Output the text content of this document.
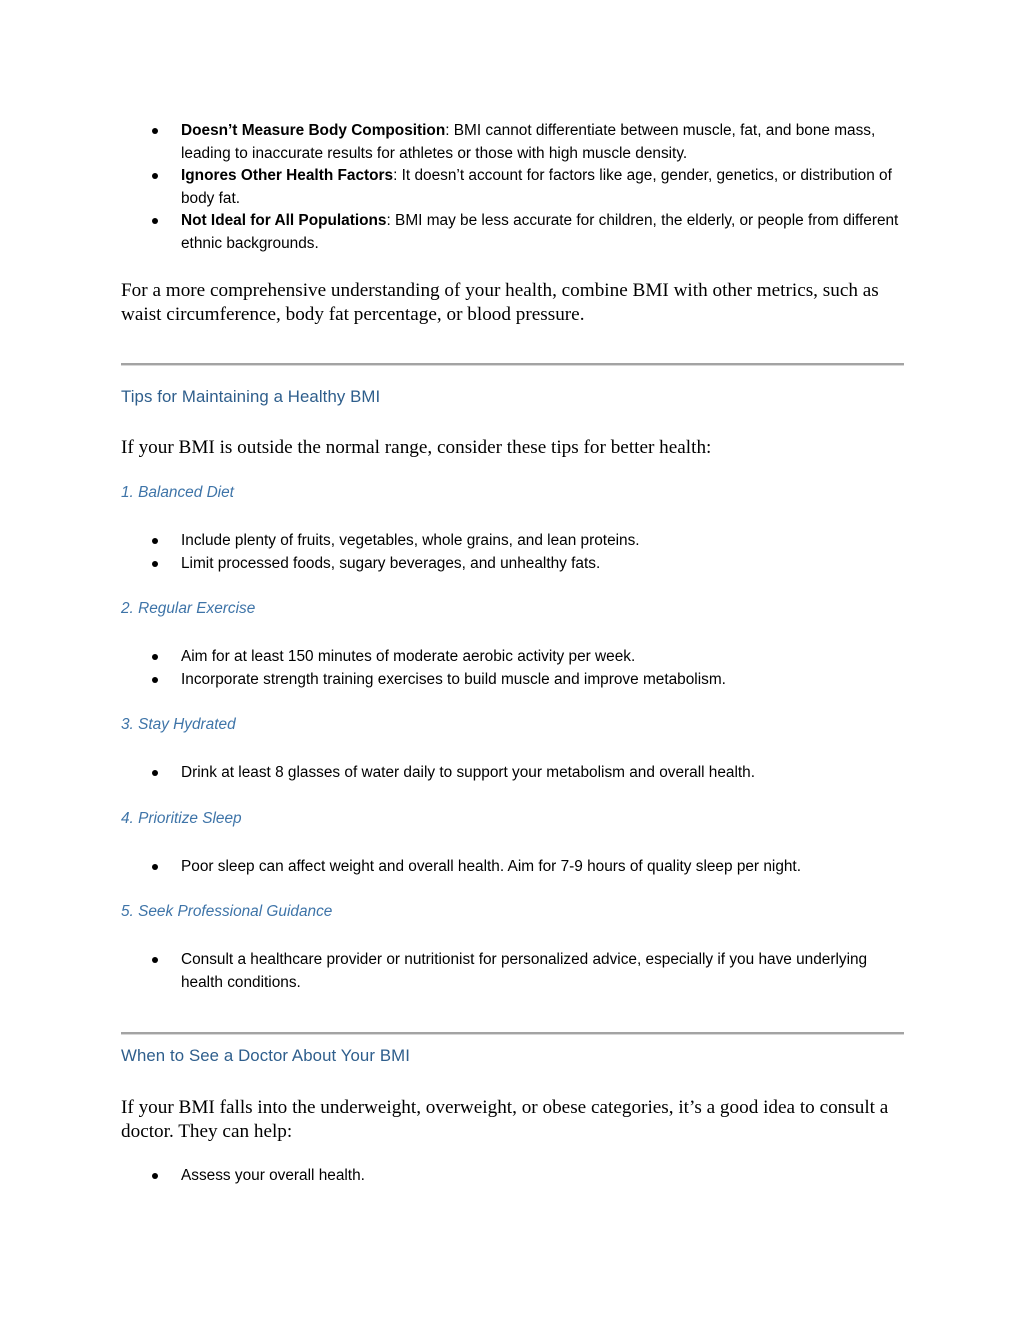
Doesn’t Measure Body Composition: BMI cannot differentiate between muscle, fat, and bone mass, leading to inaccurate results for athletes or those with high muscle density.
Ignores Other Health Factors: It doesn’t account for factors like age, gender, genetics, or distribution of body fat.
Not Ideal for All Populations: BMI may be less accurate for children, the elderly, or people from different ethnic backgrounds.

For a more comprehensive understanding of your health, combine BMI with other metrics, such as waist circumference, body fat percentage, or blood pressure.

Tips for Maintaining a Healthy BMI

If your BMI is outside the normal range, consider these tips for better health:

1. Balanced Diet
Include plenty of fruits, vegetables, whole grains, and lean proteins.
Limit processed foods, sugary beverages, and unhealthy fats.
2. Regular Exercise
Aim for at least 150 minutes of moderate aerobic activity per week.
Incorporate strength training exercises to build muscle and improve metabolism.
3. Stay Hydrated
Drink at least 8 glasses of water daily to support your metabolism and overall health.
4. Prioritize Sleep
Poor sleep can affect weight and overall health. Aim for 7-9 hours of quality sleep per night.
5. Seek Professional Guidance
Consult a healthcare provider or nutritionist for personalized advice, especially if you have underlying health conditions.
When to See a Doctor About Your BMI

If your BMI falls into the underweight, overweight, or obese categories, it’s a good idea to consult a doctor. They can help:

Assess your overall health.
